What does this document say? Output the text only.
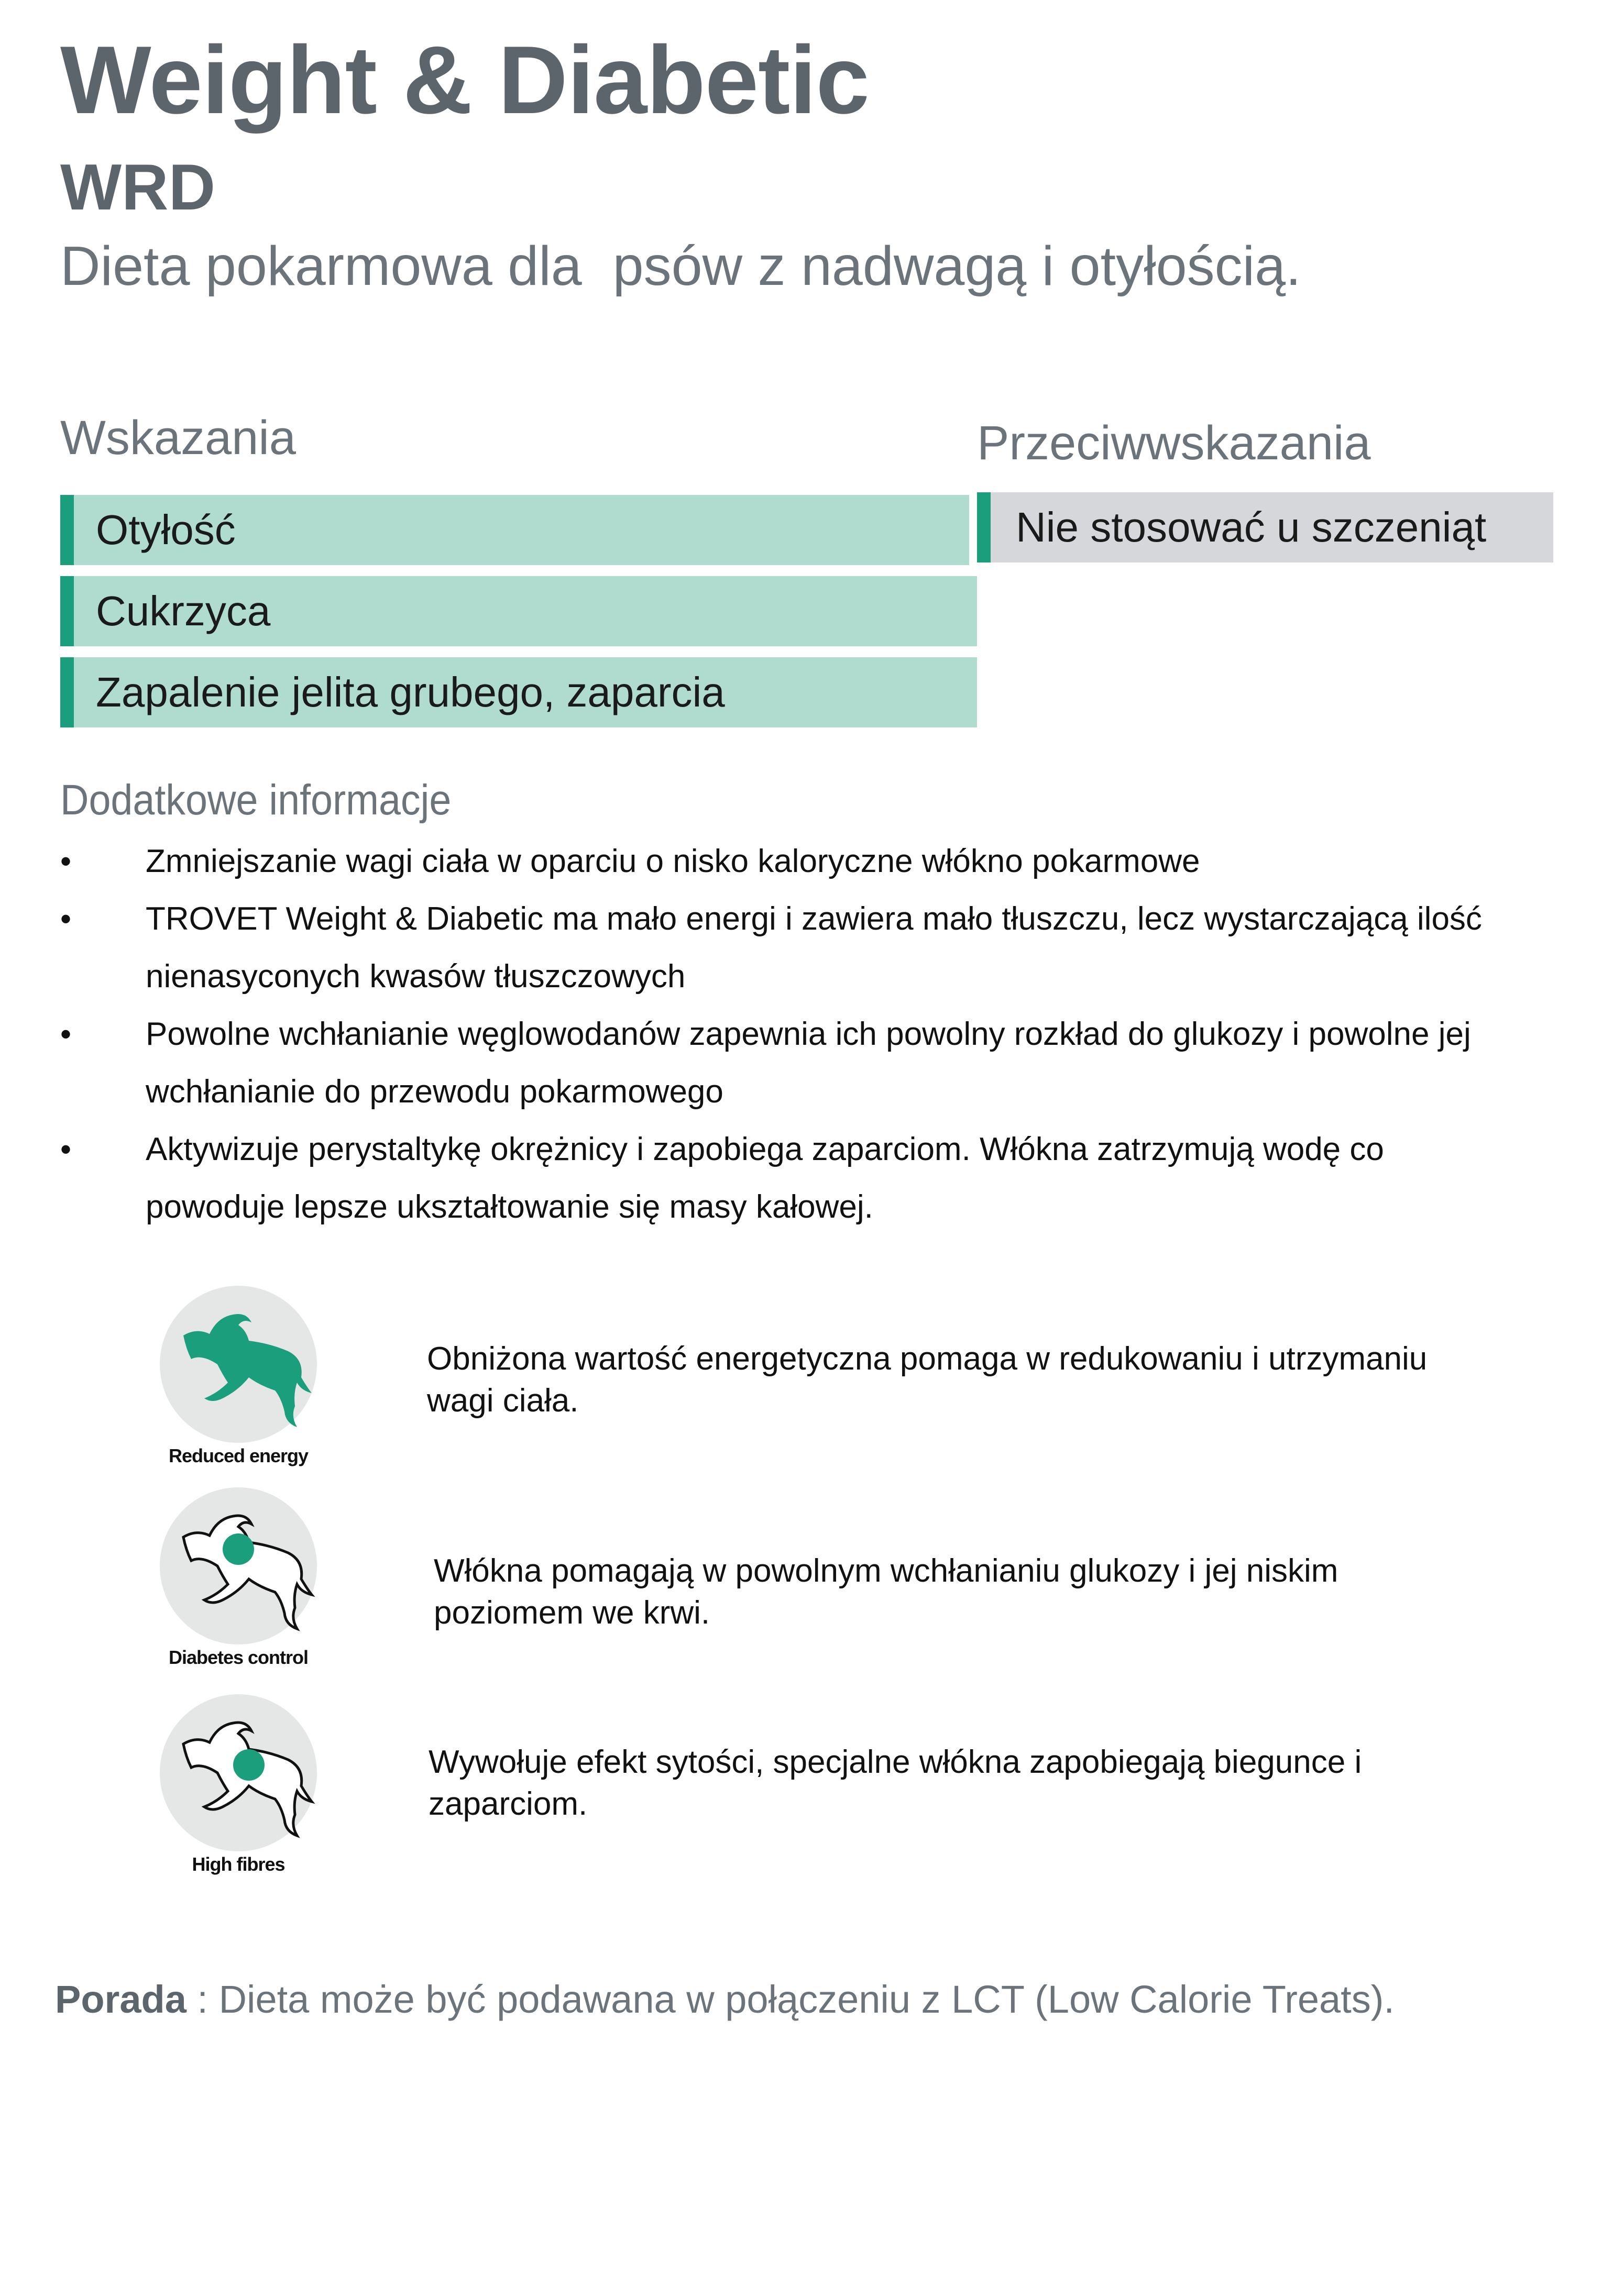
Weight & Diabetic
WRD
Dieta pokarmowa dla  psów z nadwagą i otyłością.
Wskazania
Otyłość
Cukrzyca
Zapalenie jelita grubego, zaparcia
Przeciwwskazania
Nie stosować u szczeniąt
Dodatkowe informacje
• Zmniejszanie wagi ciała w oparciu o nisko kaloryczne włókno pokarmowe
• TROVET Weight & Diabetic ma mało energi i zawiera mało tłuszczu, lecz wystarczającą ilość nienasyconych kwasów tłuszczowych
• Powolne wchłanianie węglowodanów zapewnia ich powolny rozkład do glukozy i powolne jej wchłanianie do przewodu pokarmowego
• Aktywizuje perystaltykę okrężnicy i zapobiega zaparciom. Włókna zatrzymują wodę co powoduje lepsze ukształtowanie się masy kałowej.
Reduced energy
Obniżona wartość energetyczna pomaga w redukowaniu i utrzymaniu wagi ciała.
Diabetes control
Włókna pomagają w powolnym wchłanianiu glukozy i jej niskim poziomem we krwi.
High fibres
Wywołuje efekt sytości, specjalne włókna zapobiegają biegunce i zaparciom.
Porada : Dieta może być podawana w połączeniu z LCT (Low Calorie Treats).
